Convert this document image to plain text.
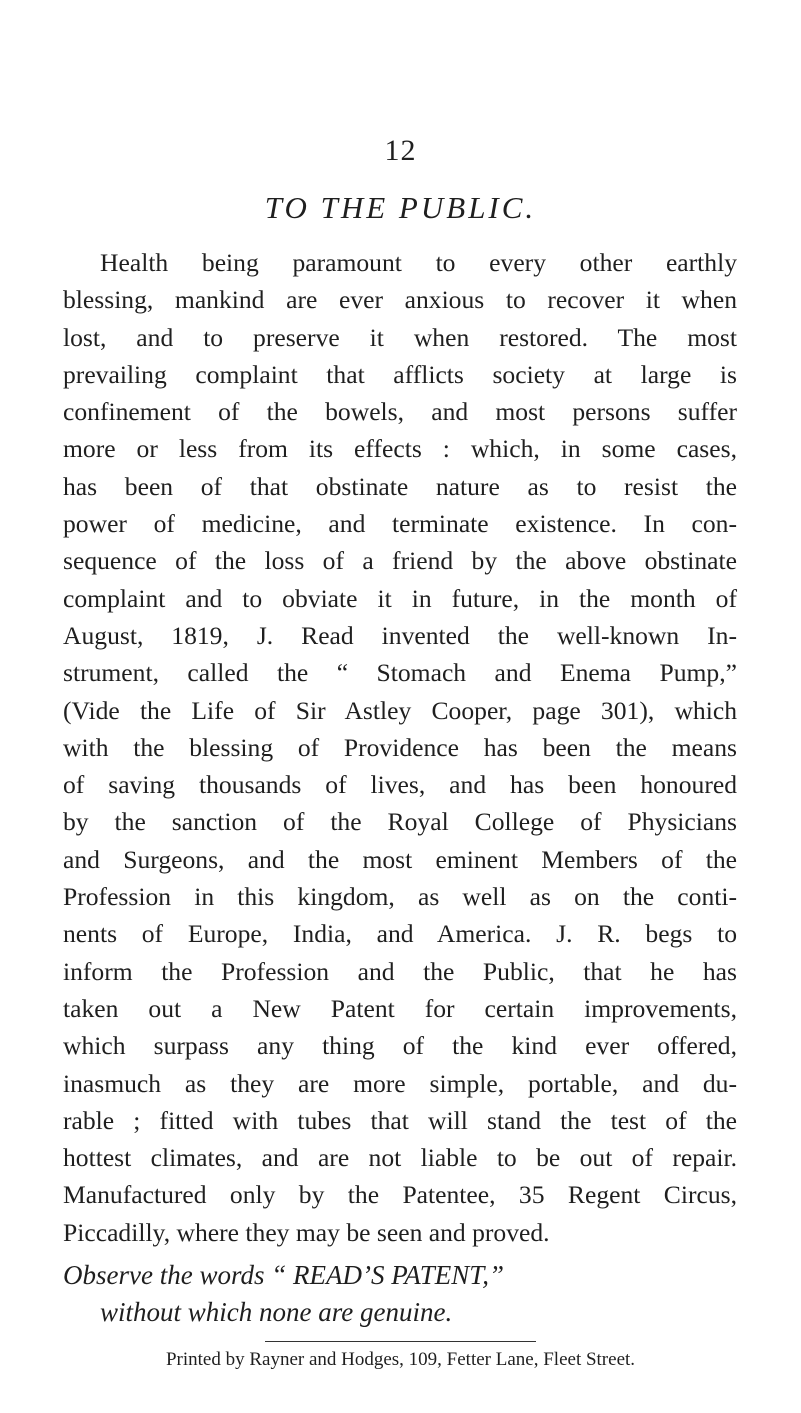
12
TO THE PUBLIC.
Health being paramount to every other earthly
blessing, mankind are ever anxious to recover it when
lost, and to preserve it when restored. The most
prevailing complaint that afflicts society at large is
confinement of the bowels, and most persons suffer
more or less from its effects : which, in some cases,
has been of that obstinate nature as to resist the
power of medicine, and terminate existence. In con-
sequence of the loss of a friend by the above obstinate
complaint and to obviate it in future, in the month of
August, 1819, J. Read invented the well-known In-
strument, called the “ Stomach and Enema Pump,”
(Vide the Life of Sir Astley Cooper, page 301), which
with the blessing of Providence has been the means
of saving thousands of lives, and has been honoured
by the sanction of the Royal College of Physicians
and Surgeons, and the most eminent Members of the
Profession in this kingdom, as well as on the conti-
nents of Europe, India, and America. J. R. begs to
inform the Profession and the Public, that he has
taken out a New Patent for certain improvements,
which surpass any thing of the kind ever offered,
inasmuch as they are more simple, portable, and du-
rable ; fitted with tubes that will stand the test of the
hottest climates, and are not liable to be out of repair.
Manufactured only by the Patentee, 35 Regent Circus,
Piccadilly, where they may be seen and proved.
Observe the words “ READ’S PATENT,”
without which none are genuine.
Printed by Rayner and Hodges, 109, Fetter Lane, Fleet Street.
